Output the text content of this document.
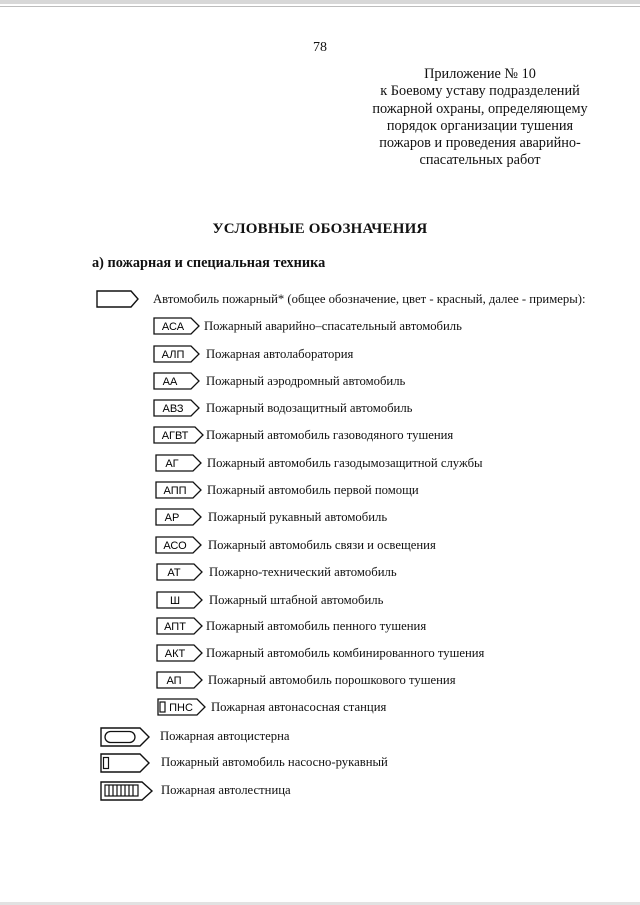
78
Приложение № 10
к Боевому уставу подразделений
пожарной охраны, определяющему
порядок организации тушения
пожаров и проведения аварийно-
спасательных работ
УСЛОВНЫЕ ОБОЗНАЧЕНИЯ
а) пожарная и специальная техника
Автомобиль пожарный* (общее обозначение, цвет - красный, далее - примеры):
АСА Пожарный аварийно–спасательный автомобиль
АЛП Пожарная автолаборатория
АА Пожарный аэродромный автомобиль
АВЗ Пожарный водозащитный автомобиль
АГВТ Пожарный автомобиль газоводяного тушения
АГ Пожарный автомобиль газодымозащитной службы
АПП Пожарный автомобиль первой помощи
АР Пожарный рукавный автомобиль
АСО Пожарный автомобиль связи и освещения
АТ Пожарно-технический автомобиль
Ш Пожарный штабной автомобиль
АПТ Пожарный автомобиль пенного тушения
АКТ Пожарный автомобиль комбинированного тушения
АП Пожарный автомобиль порошкового тушения
ПНС Пожарная автонасосная станция
Пожарная автоцистерна
Пожарный автомобиль насосно-рукавный
Пожарная автолестница
